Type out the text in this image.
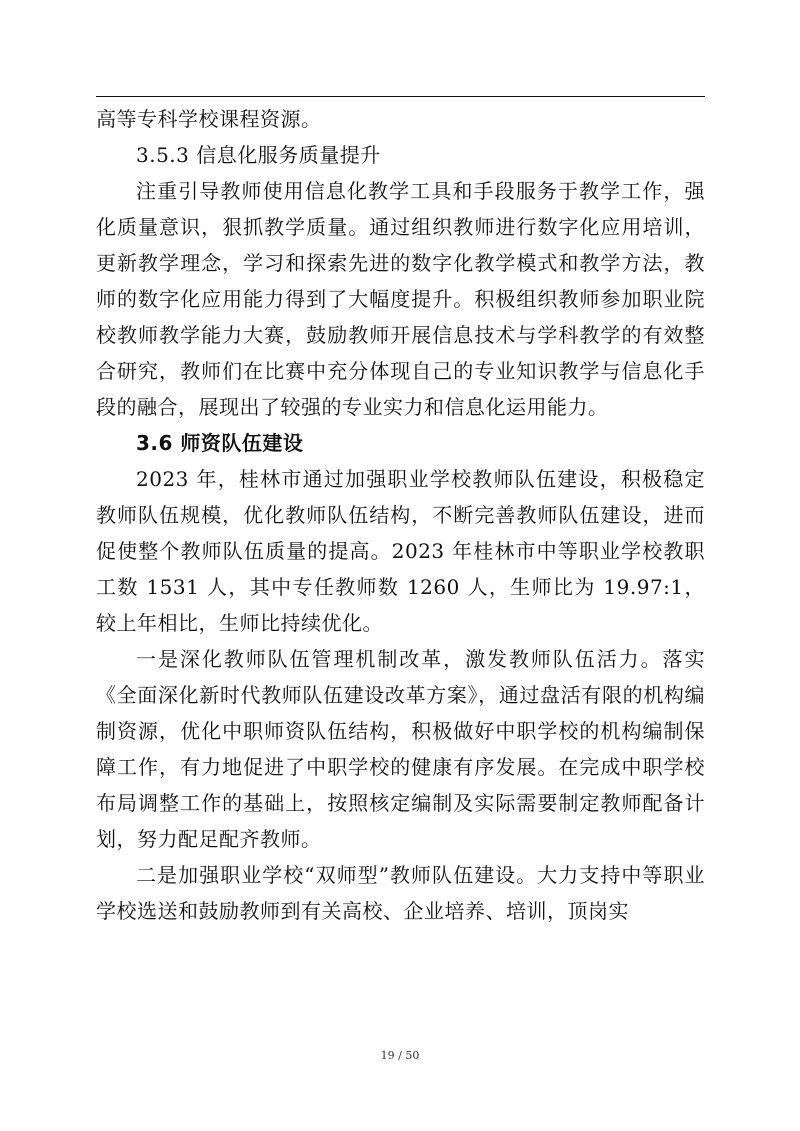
高等专科学校课程资源。

3.5.3 信息化服务质量提升

注重引导教师使用信息化教学工具和手段服务于教学工作，强化质量意识，狠抓教学质量。通过组织教师进行数字化应用培训，更新教学理念，学习和探索先进的数字化教学模式和教学方法，教师的数字化应用能力得到了大幅度提升。积极组织教师参加职业院校教师教学能力大赛，鼓励教师开展信息技术与学科教学的有效整合研究，教师们在比赛中充分体现自己的专业知识教学与信息化手段的融合，展现出了较强的专业实力和信息化运用能力。

3.6 师资队伍建设

2023 年，桂林市通过加强职业学校教师队伍建设，积极稳定教师队伍规模，优化教师队伍结构，不断完善教师队伍建设，进而促使整个教师队伍质量的提高。2023 年桂林市中等职业学校教职工数 1531 人，其中专任教师数 1260 人，生师比为 19.97:1，较上年相比，生师比持续优化。

一是深化教师队伍管理机制改革，激发教师队伍活力。落实《全面深化新时代教师队伍建设改革方案》，通过盘活有限的机构编制资源，优化中职师资队伍结构，积极做好中职学校的机构编制保障工作，有力地促进了中职学校的健康有序发展。在完成中职学校布局调整工作的基础上，按照核定编制及实际需要制定教师配备计划，努力配足配齐教师。

二是加强职业学校“双师型”教师队伍建设。大力支持中等职业学校选送和鼓励教师到有关高校、企业培养、培训，顶岗实

19 / 50
